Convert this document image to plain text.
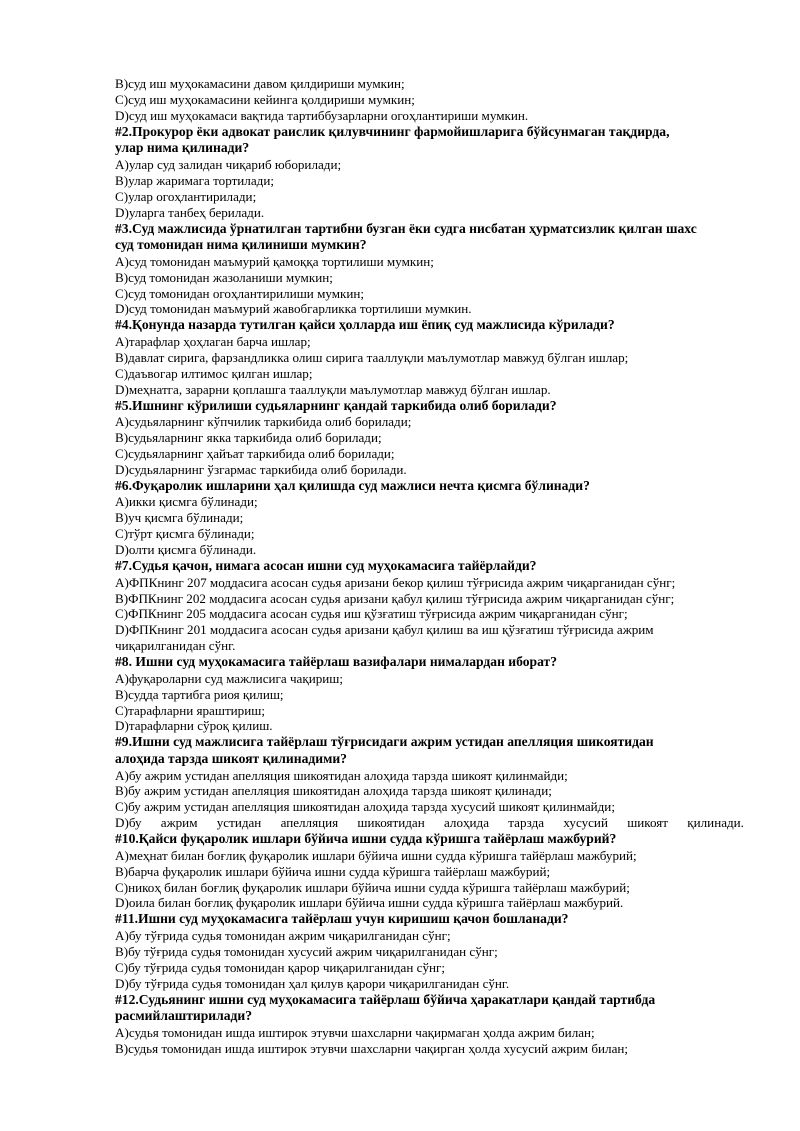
B)суд иш муҳокамасини давом қилдириши мумкин;
C)суд иш муҳокамасини кейинга қолдириши мумкин;
D)суд иш муҳокамаси вақтида тартиббузарларни огоҳлантириши мумкин.
#2.Прокурор ёки адвокат раислик қилувчининг фармойишларига бўйсунмаган тақдирда,
улар нима қилинади?
A)улар суд залидан чиқариб юборилади;
B)улар жаримага тортилади;
C)улар огоҳлантирилади;
D)уларга танбеҳ берилади.
#3.Суд мажлисида ўрнатилган тартибни бузган ёки судга нисбатан ҳурматсизлик қилган шахс
суд томонидан нима қилиниши мумкин?
A)суд томонидан маъмурий қамоққа тортилиши мумкин;
B)суд томонидан жазоланиши мумкин;
C)суд томонидан огоҳлантирилиши мумкин;
D)суд томонидан маъмурий жавобгарликка тортилиши мумкин.
#4.Қонунда назарда тутилган қайси ҳолларда иш ёпиқ суд мажлисида кўрилади?
A)тарафлар ҳоҳлаган барча ишлар;
B)давлат сирига, фарзандликка олиш сирига тааллуқли маълумотлар мавжуд бўлган ишлар;
C)даъвогар илтимос қилган ишлар;
D)меҳнатга, зарарни қоплашга тааллуқли маълумотлар мавжуд бўлган ишлар.
#5.Ишнинг кўрилиши судьяларнинг қандай таркибида олиб борилади?
A)судьяларнинг кўпчилик таркибида олиб борилади;
B)судьяларнинг якка таркибида олиб борилади;
C)судьяларнинг ҳайъат таркибида олиб борилади;
D)судьяларнинг ўзгармас таркибида олиб борилади.
#6.Фуқаролик ишларини ҳал қилишда суд мажлиси нечта қисмга бўлинади?
A)икки қисмга бўлинади;
B)уч қисмга бўлинади;
C)тўрт қисмга бўлинади;
D)олти қисмга бўлинади.
#7.Судья қачон, нимага асосан ишни суд муҳокамасига тайёрлайди?
A)ФПКнинг 207 моддасига асосан судья аризани бекор қилиш тўғрисида ажрим чиқарганидан сўнг;
B)ФПКнинг 202 моддасига асосан судья аризани қабул қилиш тўғрисида ажрим чиқарганидан сўнг;
C)ФПКнинг 205 моддасига асосан судья иш қўзғатиш тўғрисида ажрим чиқарганидан сўнг;
D)ФПКнинг 201 моддасига асосан судья аризани қабул қилиш ва иш қўзғатиш тўғрисида ажрим
чиқарилганидан сўнг.
#8. Ишни суд муҳокамасига тайёрлаш вазифалари нималардан иборат?
A)фуқароларни суд мажлисига чақириш;
B)судда тартибга риоя қилиш;
C)тарафларни яраштириш;
D)тарафларни сўроқ қилиш.
#9.Ишни суд мажлисига тайёрлаш тўғрисидаги ажрим устидан апелляция шикоятидан
алоҳида тарзда шикоят қилинадими?
A)бу ажрим устидан апелляция шикоятидан алоҳида тарзда шикоят қилинмайди;
B)бу ажрим устидан апелляция шикоятидан алоҳида тарзда шикоят қилинади;
C)бу ажрим устидан апелляция шикоятидан алоҳида тарзда хусусий шикоят қилинмайди;
D)бу ажрим устидан апелляция шикоятидан алоҳида тарзда хусусий шикоят қилинади.
#10.Қайси фуқаролик ишлари бўйича ишни судда кўришга тайёрлаш мажбурий?
A)меҳнат билан боғлиқ фуқаролик ишлари бўйича ишни судда кўришга тайёрлаш мажбурий;
B)барча фуқаролик ишлари бўйича ишни судда кўришга тайёрлаш мажбурий;
C)никоҳ билан боғлиқ фуқаролик ишлари бўйича ишни судда кўришга тайёрлаш мажбурий;
D)оила билан боғлиқ фуқаролик ишлари бўйича ишни судда кўришга тайёрлаш мажбурий.
#11.Ишни суд муҳокамасига тайёрлаш учун киришиш қачон бошланади?
A)бу тўғрида судья томонидан ажрим чиқарилганидан сўнг;
B)бу тўғрида судья томонидан хусусий ажрим чиқарилганидан сўнг;
C)бу тўғрида судья томонидан қарор чиқарилганидан сўнг;
D)бу тўғрида судья томонидан ҳал қилув қарори чиқарилганидан сўнг.
#12.Судьянинг ишни суд муҳокамасига тайёрлаш бўйича ҳаракатлари қандай тартибда
расмийлаштирилади?
A)судья томонидан ишда иштирок этувчи шахсларни чақирмаган ҳолда ажрим билан;
B)судья томонидан ишда иштирок этувчи шахсларни чақирган ҳолда хусусий ажрим билан;
